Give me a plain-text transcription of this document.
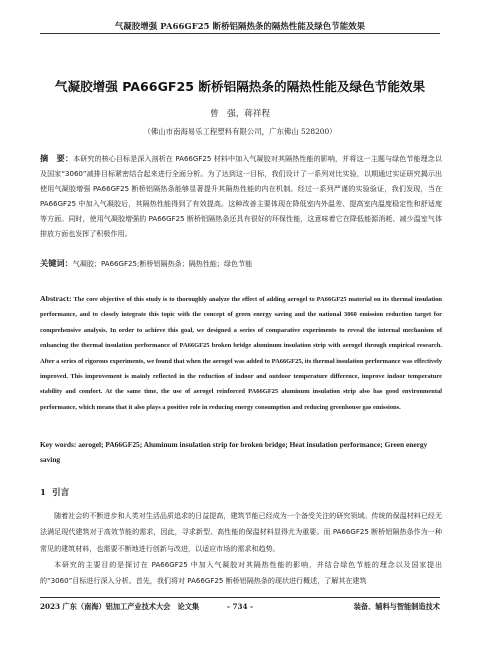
气凝胶增强 PA66GF25 断桥铝隔热条的隔热性能及绿色节能效果
气凝胶增强 PA66GF25 断桥铝隔热条的隔热性能及绿色节能效果
曾　强，蒋祥程
（佛山市南海易乐工程塑料有限公司，广东佛山 528200）
摘　要：本研究的核心目标是深入剖析在 PA66GF25 材料中加入气凝胶对其隔热性能的影响，并将这一主题与绿色节能理念以及国家“3060”减排目标紧密结合起来进行全面分析。为了达到这一目标，我们设计了一系列对比实验，以期通过实证研究揭示出使用气凝胶增强 PA66GF25 断桥铝隔热条能够显著提升其隔热性能的内在机制。经过一系列严谨的实验验证，我们发现，当在 PA66GF25 中加入气凝胶后，其隔热性能得到了有效提高。这种改善主要体现在降低室内外温差、提高室内温度稳定性和舒适度等方面。同时，使用气凝胶增强的 PA66GF25 断桥铝隔热条还具有很好的环保性能，这意味着它在降低能源消耗、减少温室气体排放方面也发挥了积极作用。
关键词：气凝胶；PA66GF25;断桥铝隔热条；隔热性能；绿色节能
Abstract: The core objective of this study is to thoroughly analyze the effect of adding aerogel to PA66GF25 material on its thermal insulation performance, and to closely integrate this topic with the concept of green energy saving and the national 3060 emission reduction target for comprehensive analysis. In order to achieve this goal, we designed a series of comparative experiments to reveal the internal mechanism of enhancing the thermal insulation performance of PA66GF25 broken bridge aluminum insulation strip with aerogel through empirical research. After a series of rigorous experiments, we found that when the aerogel was added to PA66GF25, its thermal insulation performance was effectively improved. This improvement is mainly reflected in the reduction of indoor and outdoor temperature difference, improve indoor temperature stability and comfort. At the same time, the use of aerogel reinforced PA66GF25 aluminum insulation strip also has good environmental performance, which means that it also plays a positive role in reducing energy consumption and reducing greenhouse gas emissions.
Key words: aerogel; PA66GF25; Aluminum insulation strip for broken bridge; Heat insulation performance; Green energy saving
1 引言

随着社会的不断进步和人类对生活品质追求的日益提高，建筑节能已经成为一个备受关注的研究领域。传统的保温材料已经无法满足现代建筑对于高效节能的需求，因此，寻求新型、高性能的保温材料显得尤为重要。而 PA66GF25 断桥铝隔热条作为一种常见的建筑材料，也需要不断地进行创新与改进，以适应市场的需求和趋势。

本研究的主要目的是探讨在 PA66GF25 中加入气凝胶对其隔热性能的影响，并结合绿色节能的理念以及国家提出的“3060”目标进行深入分析。首先，我们将对 PA66GF25 断桥铝隔热条的现状进行概述，了解其在建筑

2023 广东（南海）铝加工产业技术大会　论文集	- 734 -	装备、辅料与智能制造技术
